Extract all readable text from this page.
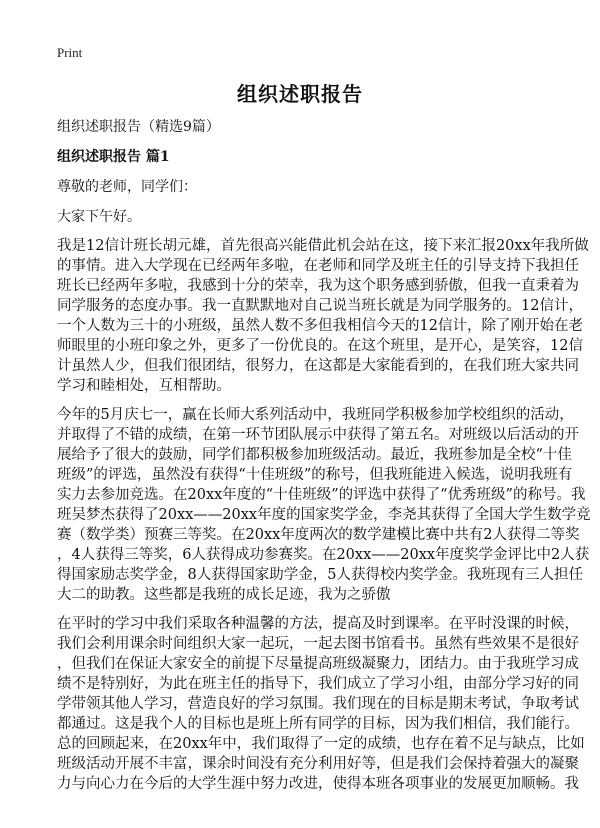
Print
组织述职报告
组织述职报告（精选9篇）
组织述职报告 篇1
尊敬的老师，同学们：
大家下午好。
我是12信计班长胡元雄，首先很高兴能借此机会站在这，接下来汇报20xx年我所做
的事情。进入大学现在已经两年多啦，在老师和同学及班主任的引导支持下我担任
班长已经两年多啦，我感到十分的荣幸，我为这个职务感到骄傲，但我一直秉着为
同学服务的态度办事。我一直默默地对自己说当班长就是为同学服务的。12信计，
一个人数为三十的小班级，虽然人数不多但我相信今天的12信计，除了刚开始在老
师眼里的小班印象之外，更多了一份优良的。在这个班里，是开心，是笑容，12信
计虽然人少，但我们很团结，很努力，在这都是大家能看到的，在我们班大家共同
学习和睦相处，互相帮助。
今年的5月庆七一，赢在长师大系列活动中，我班同学积极参加学校组织的活动，
并取得了不错的成绩，在第一环节团队展示中获得了第五名。对班级以后活动的开
展给予了很大的鼓励，同学们都积极参加班级活动。最近，我班参加是全校“十佳
班级”的评选，虽然没有获得“十佳班级”的称号，但我班能进入候选，说明我班有
实力去参加竞选。在20xx年度的“十佳班级”的评选中获得了“优秀班级”的称号。我
班吴梦杰获得了20xx——20xx年度的国家奖学金，李尧其获得了全国大学生数学竞
赛（数学类）预赛三等奖。在20xx年度两次的数学建模比赛中共有2人获得二等奖
，4人获得三等奖，6人获得成功参赛奖。在20xx——20xx年度奖学金评比中2人获
得国家励志奖学金，8人获得国家助学金，5人获得校内奖学金。我班现有三人担任
大二的助教。这些都是我班的成长足迹，我为之骄傲
在平时的学习中我们采取各种温馨的方法，提高及时到课率。在平时没课的时候，
我们会利用课余时间组织大家一起玩，一起去图书馆看书。虽然有些效果不是很好
，但我们在保证大家安全的前提下尽量提高班级凝聚力，团结力。由于我班学习成
绩不是特别好，为此在班主任的指导下，我们成立了学习小组，由部分学习好的同
学带领其他人学习，营造良好的学习氛围。我们现在的目标是期末考试，争取考试
都通过。这是我个人的目标也是班上所有同学的目标，因为我们相信，我们能行。
总的回顾起来，在20xx年中，我们取得了一定的成绩，也存在着不足与缺点，比如
班级活动开展不丰富，课余时间没有充分利用好等，但是我们会保持着强大的凝聚
力与向心力在今后的大学生涯中努力改进，使得本班各项事业的发展更加顺畅。我
